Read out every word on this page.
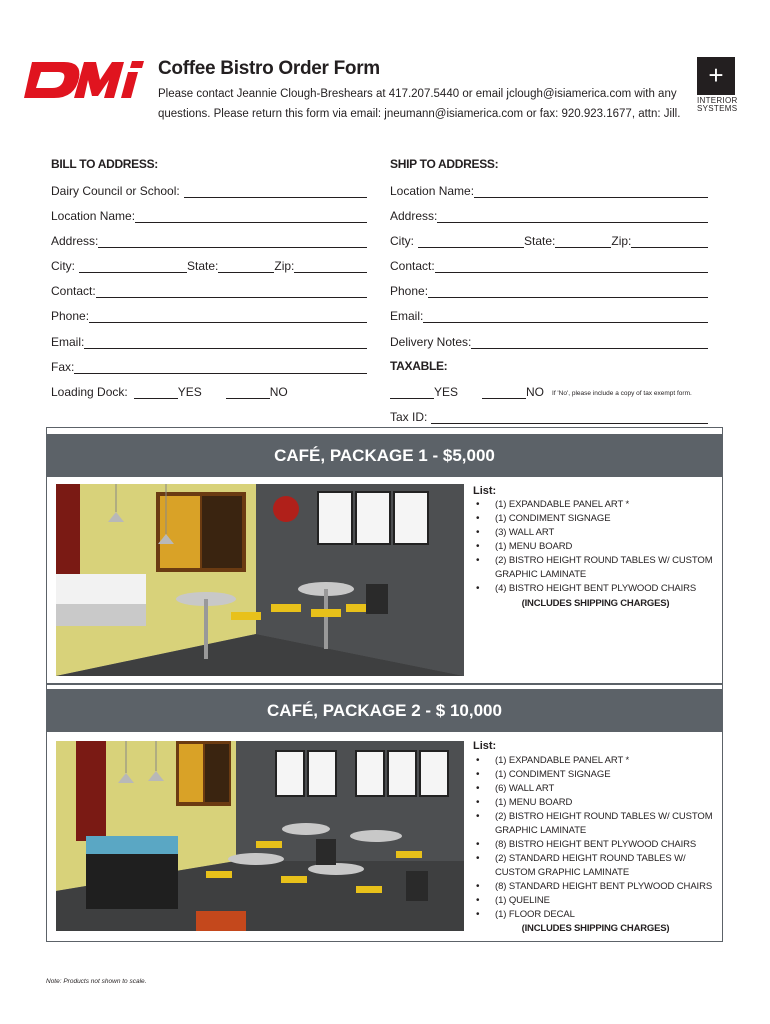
Coffee Bistro Order Form
Please contact Jeannie Clough-Breshears at 417.207.5440 or email jclough@isiamerica.com with any
questions. Please return this form via email: jneumann@isiamerica.com or fax: 920.923.1677, attn: Jill.
+
INTERIOR
SYSTEMS
BILL TO ADDRESS:
Dairy Council or School:
Location Name:
Address:
City:	State:	Zip:
Contact:
Phone:
Email:
Fax:
Loading Dock:	YES	NO
SHIP TO ADDRESS:
Location Name:
Address:
City:	State:	Zip:
Contact:
Phone:
Email:
Delivery Notes:
TAXABLE:
YES	NO If 'No', please include a copy of tax exempt form.
Tax ID:
CAFÉ, PACKAGE 1 - $5,000
List:
• (1) EXPANDABLE PANEL ART *
• (1) CONDIMENT SIGNAGE
• (3) WALL ART
• (1) MENU BOARD
• (2) BISTRO HEIGHT ROUND TABLES W/ CUSTOM GRAPHIC LAMINATE
• (4) BISTRO HEIGHT BENT PLYWOOD CHAIRS
(INCLUDES SHIPPING CHARGES)
CAFÉ, PACKAGE 2 - $ 10,000
List:
• (1) EXPANDABLE PANEL ART *
• (1) CONDIMENT SIGNAGE
• (6) WALL ART
• (1) MENU BOARD
• (2) BISTRO HEIGHT ROUND TABLES W/ CUSTOM GRAPHIC LAMINATE
• (8) BISTRO HEIGHT BENT PLYWOOD CHAIRS
• (2) STANDARD HEIGHT ROUND TABLES W/ CUSTOM GRAPHIC LAMINATE
• (8) STANDARD HEIGHT BENT PLYWOOD CHAIRS
• (1) QUELINE
• (1) FLOOR DECAL
(INCLUDES SHIPPING CHARGES)
Note: Products not shown to scale.
